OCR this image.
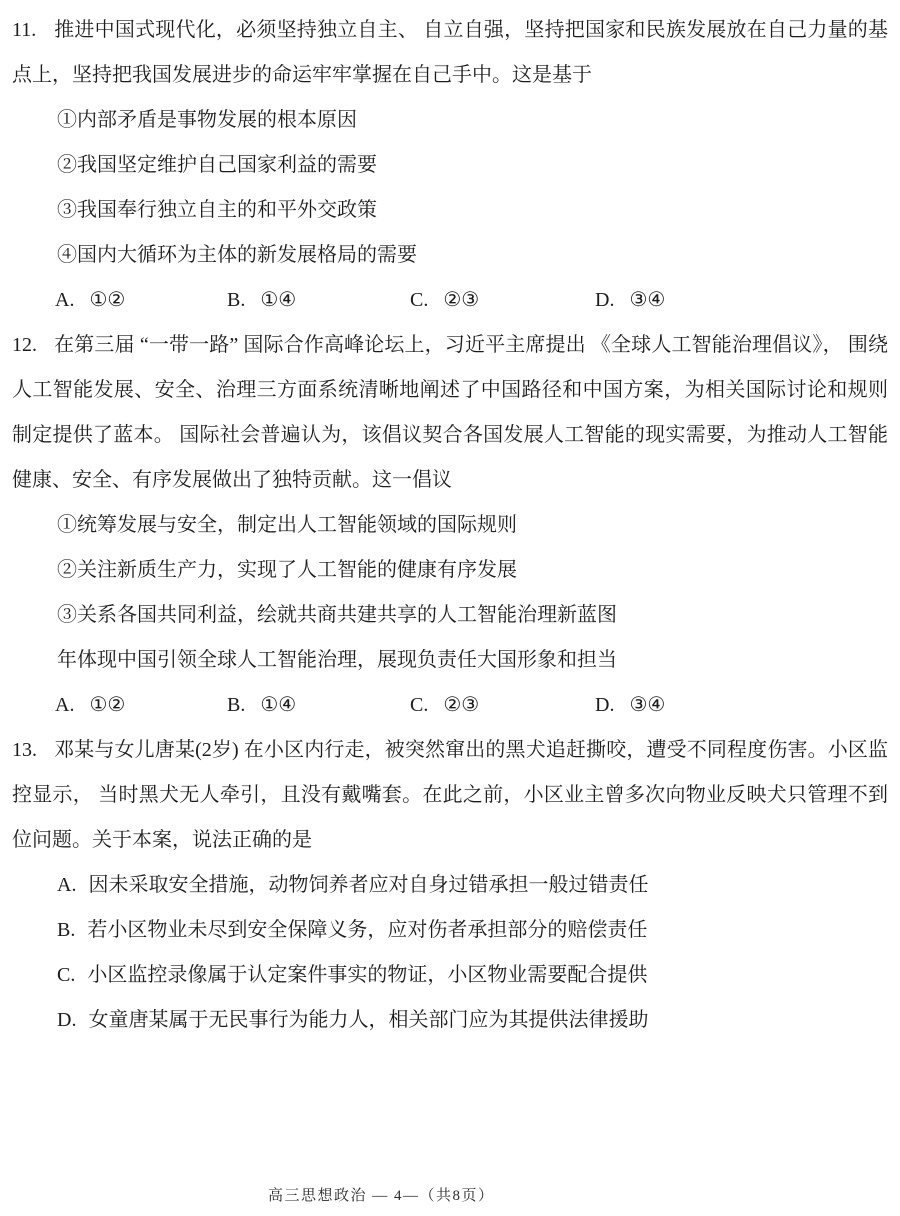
11. 推进中国式现代化，必须坚持独立自主、 自立自强，坚持把国家和民族发展放在自己力量的基点上，坚持把我国发展进步的命运牢牢掌握在自己手中。这是基于

①内部矛盾是事物发展的根本原因
②我国坚定维护自己国家利益的需要
③我国奉行独立自主的和平外交政策
④国内大循环为主体的新发展格局的需要
A. ①②	B. ①④	C. ②③	D. ③④

12. 在第三届 “一带一路” 国际合作高峰论坛上，习近平主席提出 《全球人工智能治理倡议》， 围绕人工智能发展、安全、治理三方面系统清晰地阐述了中国路径和中国方案，为相关国际讨论和规则制定提供了蓝本。 国际社会普遍认为，该倡议契合各国发展人工智能的现实需要，为推动人工智能健康、安全、有序发展做出了独特贡献。这一倡议

①统筹发展与安全，制定出人工智能领域的国际规则
②关注新质生产力，实现了人工智能的健康有序发展
③关系各国共同利益，绘就共商共建共享的人工智能治理新蓝图
年体现中国引领全球人工智能治理，展现负责任大国形象和担当
A. ①②	B. ①④	C. ②③	D. ③④

13. 邓某与女儿唐某(2岁) 在小区内行走，被突然窜出的黑犬追赶撕咬，遭受不同程度伤害。小区监控显示， 当时黑犬无人牵引，且没有戴嘴套。在此之前，小区业主曾多次向物业反映犬只管理不到位问题。关于本案，说法正确的是

A. 因未采取安全措施，动物饲养者应对自身过错承担一般过错责任
B. 若小区物业未尽到安全保障义务，应对伤者承担部分的赔偿责任
C. 小区监控录像属于认定案件事实的物证，小区物业需要配合提供
D. 女童唐某属于无民事行为能力人，相关部门应为其提供法律援助
高三思想政治 — 4—（共8页）
